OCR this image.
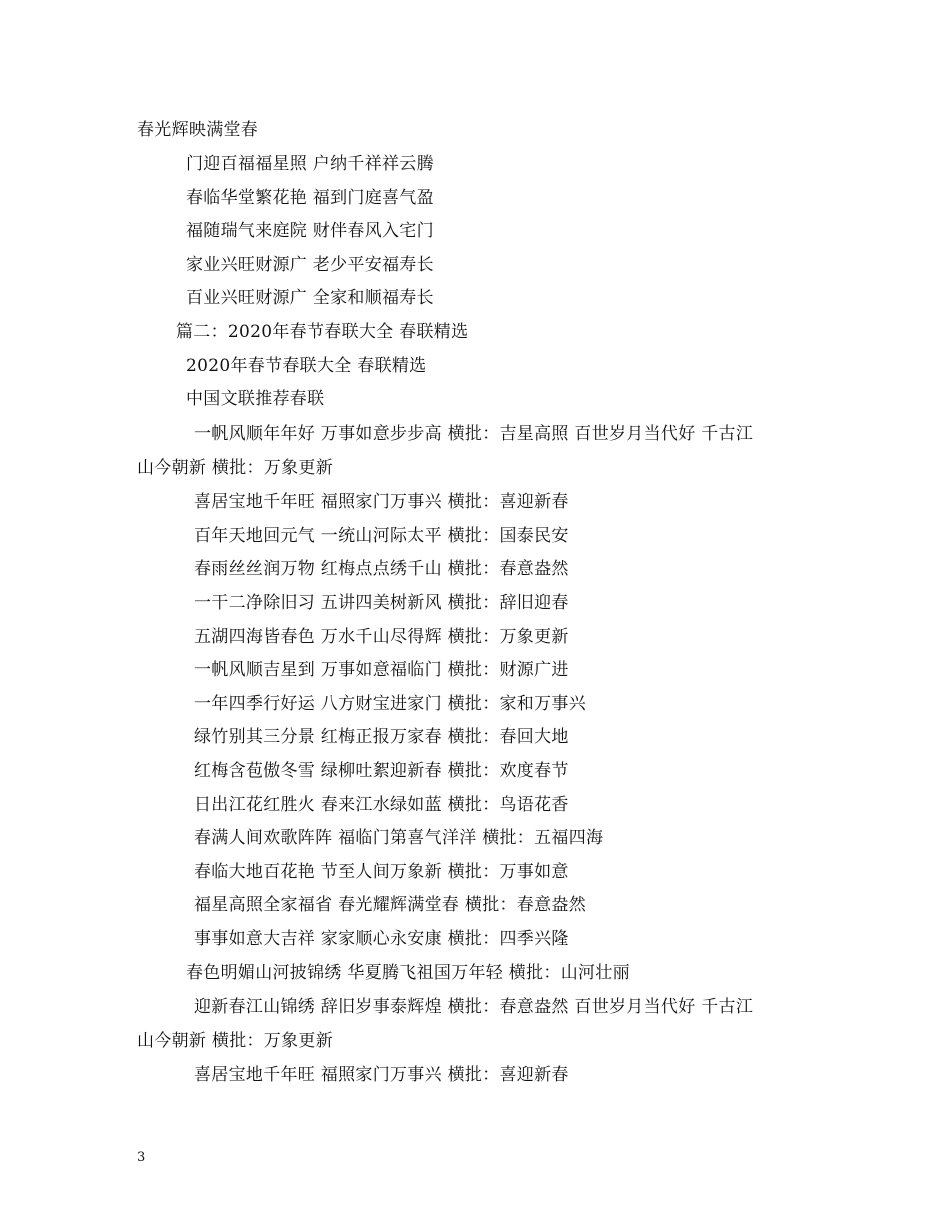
春光辉映满堂春
门迎百福福星照 户纳千祥祥云腾
春临华堂繁花艳 福到门庭喜气盈
福随瑞气来庭院 财伴春风入宅门
家业兴旺财源广 老少平安福寿长
百业兴旺财源广 全家和顺福寿长
篇二：2020年春节春联大全 春联精选
2020年春节春联大全 春联精选
中国文联推荐春联
一帆风顺年年好 万事如意步步高 横批：吉星高照 百世岁月当代好 千古江
山今朝新 横批：万象更新
喜居宝地千年旺 福照家门万事兴 横批：喜迎新春
百年天地回元气 一统山河际太平 横批：国泰民安
春雨丝丝润万物 红梅点点绣千山 横批：春意盎然
一干二净除旧习 五讲四美树新风 横批：辞旧迎春
五湖四海皆春色 万水千山尽得辉 横批：万象更新
一帆风顺吉星到 万事如意福临门 横批：财源广进
一年四季行好运 八方财宝进家门 横批：家和万事兴
绿竹别其三分景 红梅正报万家春 横批：春回大地
红梅含苞傲冬雪 绿柳吐絮迎新春 横批：欢度春节
日出江花红胜火 春来江水绿如蓝 横批：鸟语花香
春满人间欢歌阵阵 福临门第喜气洋洋 横批：五福四海
春临大地百花艳 节至人间万象新 横批：万事如意
福星高照全家福省 春光耀辉满堂春 横批：春意盎然
事事如意大吉祥 家家顺心永安康 横批：四季兴隆
春色明媚山河披锦绣 华夏腾飞祖国万年轻 横批：山河壮丽
迎新春江山锦绣 辞旧岁事泰辉煌 横批：春意盎然 百世岁月当代好 千古江
山今朝新 横批：万象更新
喜居宝地千年旺 福照家门万事兴 横批：喜迎新春
3
